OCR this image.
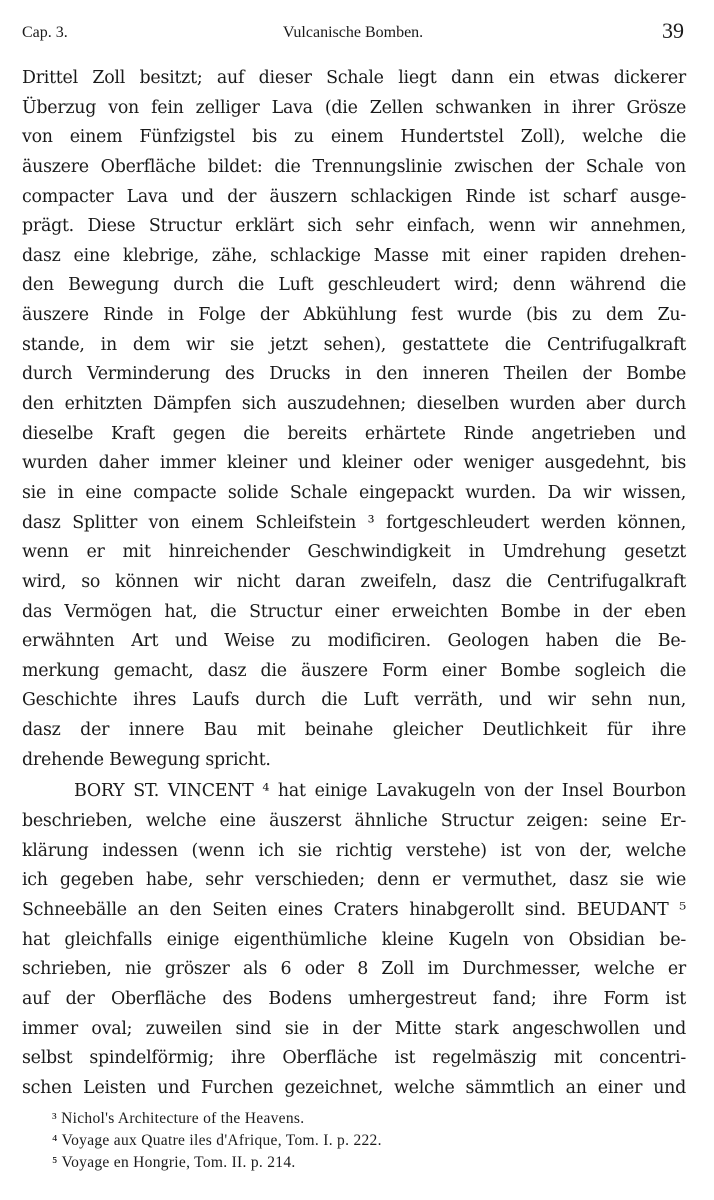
Cap. 3.	Vulcanische Bomben.	39
Drittel Zoll besitzt; auf dieser Schale liegt dann ein etwas dickerer
Überzug von fein zelliger Lava (die Zellen schwanken in ihrer Grösze
von einem Fünfzigstel bis zu einem Hundertstel Zoll), welche die
äuszere Oberfläche bildet: die Trennungslinie zwischen der Schale von
compacter Lava und der äuszern schlackigen Rinde ist scharf ausge-
prägt. Diese Structur erklärt sich sehr einfach, wenn wir annehmen,
dasz eine klebrige, zähe, schlackige Masse mit einer rapiden drehen-
den Bewegung durch die Luft geschleudert wird; denn während die
äuszere Rinde in Folge der Abkühlung fest wurde (bis zu dem Zu-
stande, in dem wir sie jetzt sehen), gestattete die Centrifugalkraft
durch Verminderung des Drucks in den inneren Theilen der Bombe
den erhitzten Dämpfen sich auszudehnen; dieselben wurden aber durch
dieselbe Kraft gegen die bereits erhärtete Rinde angetrieben und
wurden daher immer kleiner und kleiner oder weniger ausgedehnt, bis
sie in eine compacte solide Schale eingepackt wurden. Da wir wissen,
dasz Splitter von einem Schleifstein ³ fortgeschleudert werden können,
wenn er mit hinreichender Geschwindigkeit in Umdrehung gesetzt
wird, so können wir nicht daran zweifeln, dasz die Centrifugalkraft
das Vermögen hat, die Structur einer erweichten Bombe in der eben
erwähnten Art und Weise zu modificiren. Geologen haben die Be-
merkung gemacht, dasz die äuszere Form einer Bombe sogleich die
Geschichte ihres Laufs durch die Luft verräth, und wir sehn nun,
dasz der innere Bau mit beinahe gleicher Deutlichkeit für ihre
drehende Bewegung spricht.
BORY ST. VINCENT ⁴ hat einige Lavakugeln von der Insel Bourbon
beschrieben, welche eine äuszerst ähnliche Structur zeigen: seine Er-
klärung indessen (wenn ich sie richtig verstehe) ist von der, welche
ich gegeben habe, sehr verschieden; denn er vermuthet, dasz sie wie
Schneebälle an den Seiten eines Craters hinabgerollt sind. BEUDANT ⁵
hat gleichfalls einige eigenthümliche kleine Kugeln von Obsidian be-
schrieben, nie gröszer als 6 oder 8 Zoll im Durchmesser, welche er
auf der Oberfläche des Bodens umhergestreut fand; ihre Form ist
immer oval; zuweilen sind sie in der Mitte stark angeschwollen und
selbst spindelförmig; ihre Oberfläche ist regelmäszig mit concentri-
schen Leisten und Furchen gezeichnet, welche sämmtlich an einer und
³ Nichol's Architecture of the Heavens.
⁴ Voyage aux Quatre iles d'Afrique, Tom. I. p. 222.
⁵ Voyage en Hongrie, Tom. II. p. 214.
